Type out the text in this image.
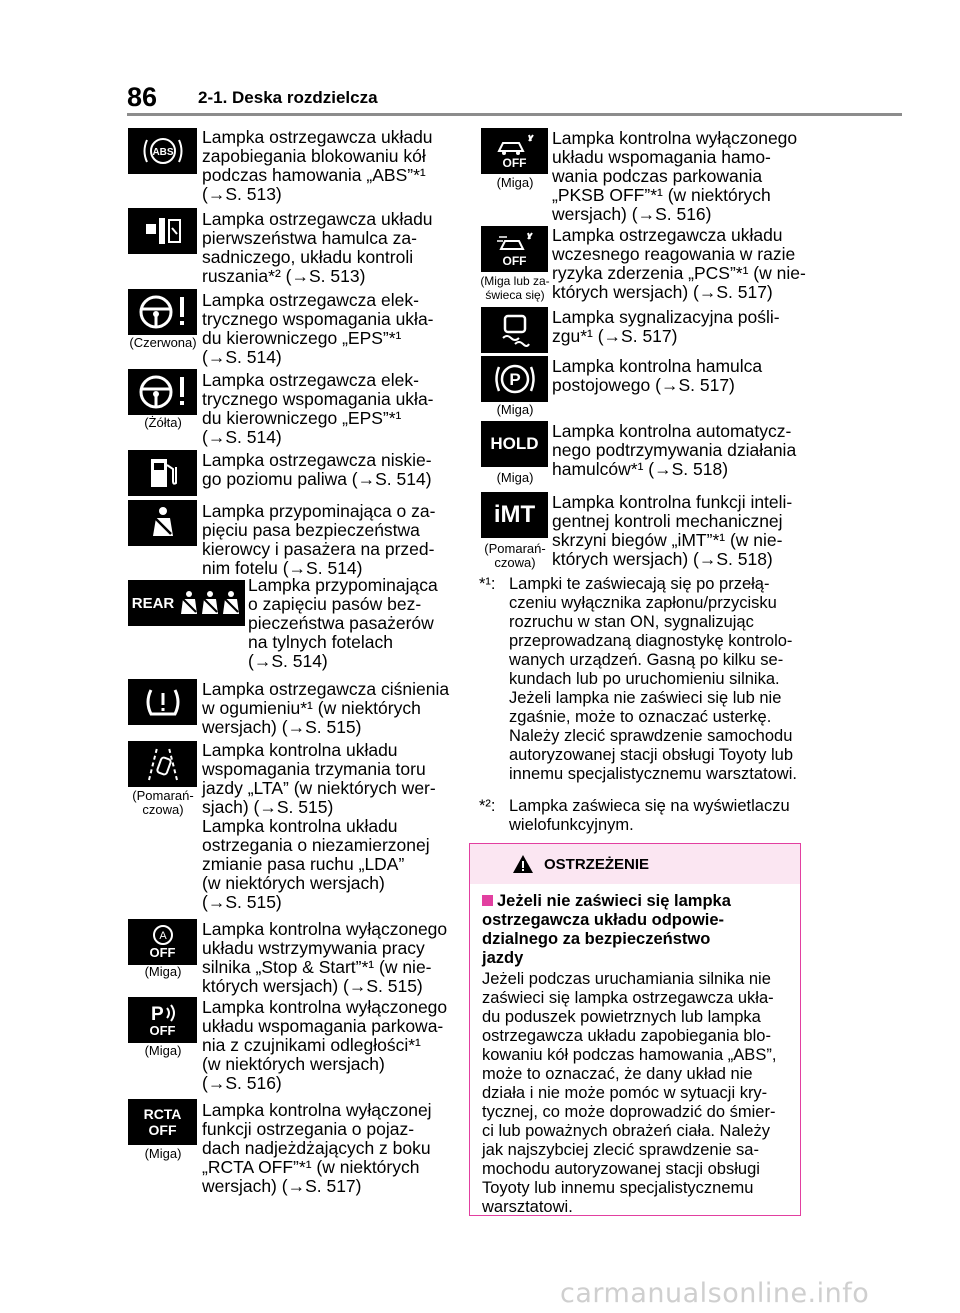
86 2-1. Deska rozdzielcza
ABS
Lampka ostrzegawcza układu
zapobiegania blokowaniu kół
podczas hamowania „ABS”*¹
(→S. 513)
Lampka ostrzegawcza układu
pierwszeństwa hamulca za-
sadniczego, układu kontroli
ruszania*² (→S. 513)
(Czerwona)
Lampka ostrzegawcza elek-
trycznego wspomagania ukła-
du kierowniczego „EPS”*¹
(→S. 514)
(Żółta)
Lampka ostrzegawcza elek-
trycznego wspomagania ukła-
du kierowniczego „EPS”*¹
(→S. 514)
Lampka ostrzegawcza niskie-
go poziomu paliwa (→S. 514)
Lampka przypominająca o za-
pięciu pasa bezpieczeństwa
kierowcy i pasażera na przed-
nim fotelu (→S. 514)
REAR
Lampka przypominająca
o zapięciu pasów bez-
pieczeństwa pasażerów
na tylnych fotelach
(→S. 514)
Lampka ostrzegawcza ciśnienia
w ogumieniu*¹ (w niektórych
wersjach) (→S. 515)
(Pomarań-
czowa)
Lampka kontrolna układu
wspomagania trzymania toru
jazdy „LTA” (w niektórych wer-
sjach) (→S. 515)
Lampka kontrolna układu
ostrzegania o niezamierzonej
zmianie pasa ruchu „LDA”
(w niektórych wersjach)
(→S. 515)
A
OFF
(Miga)
Lampka kontrolna wyłączonego
układu wstrzymywania pracy
silnika „Stop & Start”*¹ (w nie-
których wersjach) (→S. 515)
P
OFF
(Miga)
Lampka kontrolna wyłączonego
układu wspomagania parkowa-
nia z czujnikami odległości*¹
(w niektórych wersjach)
(→S. 516)
RCTA
OFF
(Miga)
Lampka kontrolna wyłączonej
funkcji ostrzegania o pojaz-
dach nadjeżdżających z boku
„RCTA OFF”*¹ (w niektórych
wersjach) (→S. 517)
OFF
(Miga)
Lampka kontrolna wyłączonego
układu wspomagania hamo-
wania podczas parkowania
„PKSB OFF”*¹ (w niektórych
wersjach) (→S. 516)
OFF
(Miga lub za-
świeca się)
Lampka ostrzegawcza układu
wczesnego reagowania w razie
ryzyka zderzenia „PCS”*¹ (w nie-
których wersjach) (→S. 517)
Lampka sygnalizacyjna pośli-
zgu*¹ (→S. 517)
P
(Miga)
Lampka kontrolna hamulca
postojowego (→S. 517)
HOLD
(Miga)
Lampka kontrolna automatycz-
nego podtrzymywania działania
hamulców*¹ (→S. 518)
iMT
(Pomarań-
czowa)
Lampka kontrolna funkcji inteli-
gentnej kontroli mechanicznej
skrzyni biegów „iMT”*¹ (w nie-
których wersjach) (→S. 518)
*¹: Lampki te zaświecają się po przełą-
czeniu wyłącznika zapłonu/przycisku
rozruchu w stan ON, sygnalizując
przeprowadzaną diagnostykę kontrolo-
wanych urządzeń. Gasną po kilku se-
kundach lub po uruchomieniu silnika.
Jeżeli lampka nie zaświeci się lub nie
zgaśnie, może to oznaczać usterkę.
Należy zlecić sprawdzenie samochodu
autoryzowanej stacji obsługi Toyoty lub
innemu specjalistycznemu warsztatowi.
*²: Lampka zaświeca się na wyświetlaczu
wielofunkcyjnym.
OSTRZEŻENIE
Jeżeli nie zaświeci się lampka
ostrzegawcza układu odpowie-
dzialnego za bezpieczeństwo
jazdy
Jeżeli podczas uruchamiania silnika nie
zaświeci się lampka ostrzegawcza ukła-
du poduszek powietrznych lub lampka
ostrzegawcza układu zapobiegania blo-
kowaniu kół podczas hamowania „ABS”,
może to oznaczać, że dany układ nie
działa i nie może pomóc w sytuacji kry-
tycznej, co może doprowadzić do śmier-
ci lub poważnych obrażeń ciała. Należy
jak najszybciej zlecić sprawdzenie sa-
mochodu autoryzowanej stacji obsługi
Toyoty lub innemu specjalistycznemu
warsztatowi.
carmanualsonline.info
